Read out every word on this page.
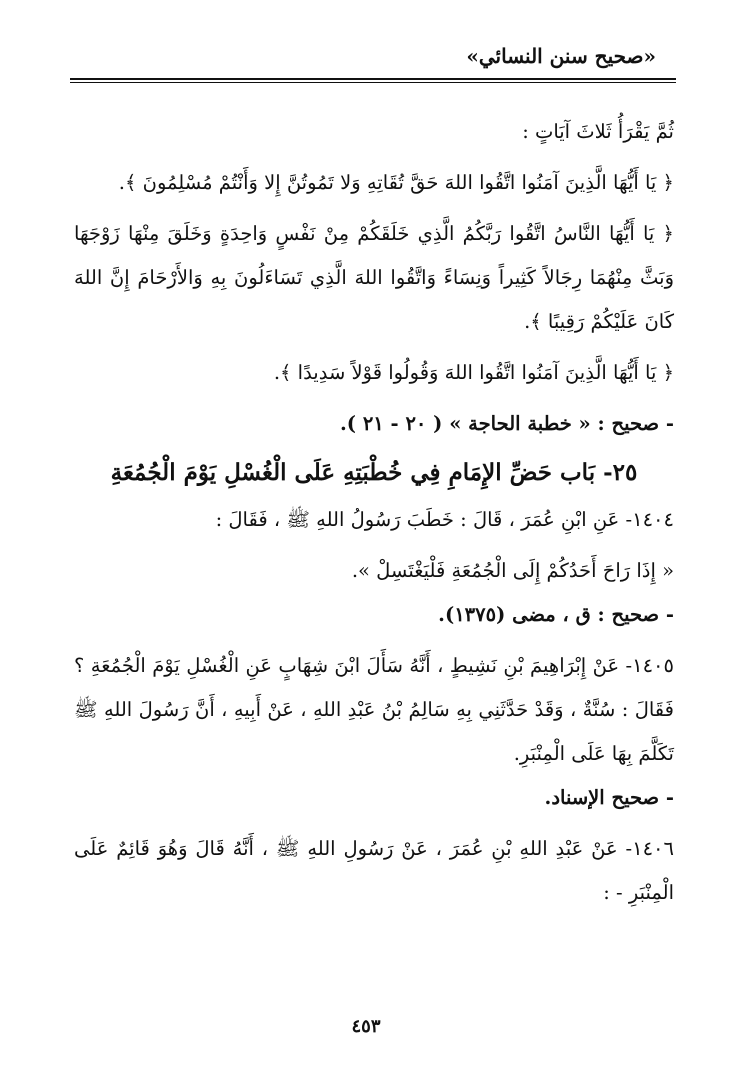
«صحيح سنن النسائي»

ثُمَّ يَقْرَأُ ثَلاثَ آيَاتٍ :

﴿ يَا أَيُّهَا الَّذِينَ آمَنُوا اتَّقُوا اللهَ حَقَّ تُقَاتِهِ وَلا تَمُوتُنَّ إِلا وَأَنْتُمْ مُسْلِمُونَ ﴾.

﴿ يَا أَيُّهَا النَّاسُ اتَّقُوا رَبَّكُمُ الَّذِي خَلَقَكُمْ مِنْ نَفْسٍ وَاحِدَةٍ وَخَلَقَ مِنْهَا زَوْجَهَا وَبَثَّ مِنْهُمَا رِجَالاً كَثِيراً وَنِسَاءً وَاتَّقُوا اللهَ الَّذِي تَسَاءَلُونَ بِهِ وَالأَرْحَامَ إِنَّ اللهَ كَانَ عَلَيْكُمْ رَقِيبًا ﴾.

﴿ يَا أَيُّهَا الَّذِينَ آمَنُوا اتَّقُوا اللهَ وَقُولُوا قَوْلاً سَدِيدًا ﴾.

- صحيح : « خطبة الحاجة » ( ٢٠ - ٢١ ).

٢٥- بَاب حَضِّ الإِمَامِ فِي خُطْبَتِهِ عَلَى الْغُسْلِ يَوْمَ الْجُمُعَةِ

١٤٠٤- عَنِ ابْنِ عُمَرَ ، قَالَ : خَطَبَ رَسُولُ اللهِ ﷺ ، فَقَالَ :

« إِذَا رَاحَ أَحَدُكُمْ إِلَى الْجُمُعَةِ فَلْيَغْتَسِلْ ».

- صحيح : ق ، مضى (١٣٧٥).

١٤٠٥- عَنْ إِبْرَاهِيمَ بْنِ نَشِيطٍ ، أَنَّهُ سَأَلَ ابْنَ شِهَابٍ عَنِ الْغُسْلِ يَوْمَ الْجُمُعَةِ ؟ فَقَالَ : سُنَّةٌ ، وَقَدْ حَدَّثَنِي بِهِ سَالِمُ بْنُ عَبْدِ اللهِ ، عَنْ أَبِيهِ ، أَنَّ رَسُولَ اللهِ ﷺ تَكَلَّمَ بِهَا عَلَى الْمِنْبَرِ.

- صحيح الإسناد.

١٤٠٦- عَنْ عَبْدِ اللهِ بْنِ عُمَرَ ، عَنْ رَسُولِ اللهِ ﷺ ، أَنَّهُ قَالَ وَهُوَ قَائِمٌ عَلَى الْمِنْبَرِ - :

٤٥٣
